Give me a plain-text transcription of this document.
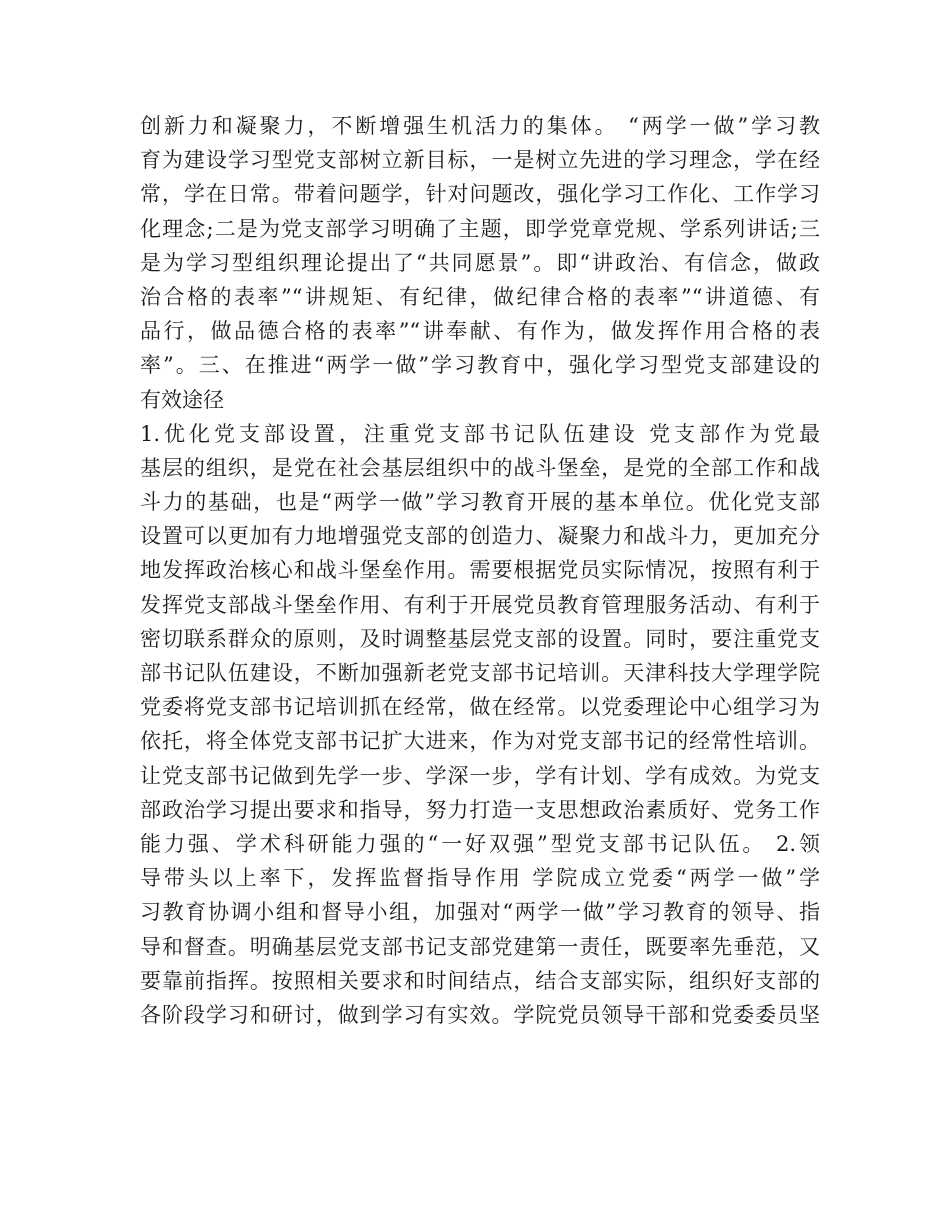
创新力和凝聚力，不断增强生机活力的集体。 “两学一做”学习教
育为建设学习型党支部树立新目标，一是树立先进的学习理念，学在经
常，学在日常。带着问题学，针对问题改，强化学习工作化、工作学习
化理念;二是为党支部学习明确了主题，即学党章党规、学系列讲话;三
是为学习型组织理论提出了“共同愿景”。即“讲政治、有信念，做政
治合格的表率”“讲规矩、有纪律，做纪律合格的表率”“讲道德、有
品行，做品德合格的表率”“讲奉献、有作为，做发挥作用合格的表
率”。三、在推进“两学一做”学习教育中，强化学习型党支部建设的
有效途径
1.优化党支部设置，注重党支部书记队伍建设 党支部作为党最
基层的组织，是党在社会基层组织中的战斗堡垒，是党的全部工作和战
斗力的基础，也是“两学一做”学习教育开展的基本单位。优化党支部
设置可以更加有力地增强党支部的创造力、凝聚力和战斗力，更加充分
地发挥政治核心和战斗堡垒作用。需要根据党员实际情况，按照有利于
发挥党支部战斗堡垒作用、有利于开展党员教育管理服务活动、有利于
密切联系群众的原则，及时调整基层党支部的设置。同时，要注重党支
部书记队伍建设，不断加强新老党支部书记培训。天津科技大学理学院
党委将党支部书记培训抓在经常，做在经常。以党委理论中心组学习为
依托，将全体党支部书记扩大进来，作为对党支部书记的经常性培训。
让党支部书记做到先学一步、学深一步，学有计划、学有成效。为党支
部政治学习提出要求和指导，努力打造一支思想政治素质好、党务工作
能力强、学术科研能力强的“一好双强”型党支部书记队伍。 2.领
导带头以上率下，发挥监督指导作用 学院成立党委“两学一做”学
习教育协调小组和督导小组，加强对“两学一做”学习教育的领导、指
导和督查。明确基层党支部书记支部党建第一责任，既要率先垂范，又
要靠前指挥。按照相关要求和时间结点，结合支部实际，组织好支部的
各阶段学习和研讨，做到学习有实效。学院党员领导干部和党委委员坚
